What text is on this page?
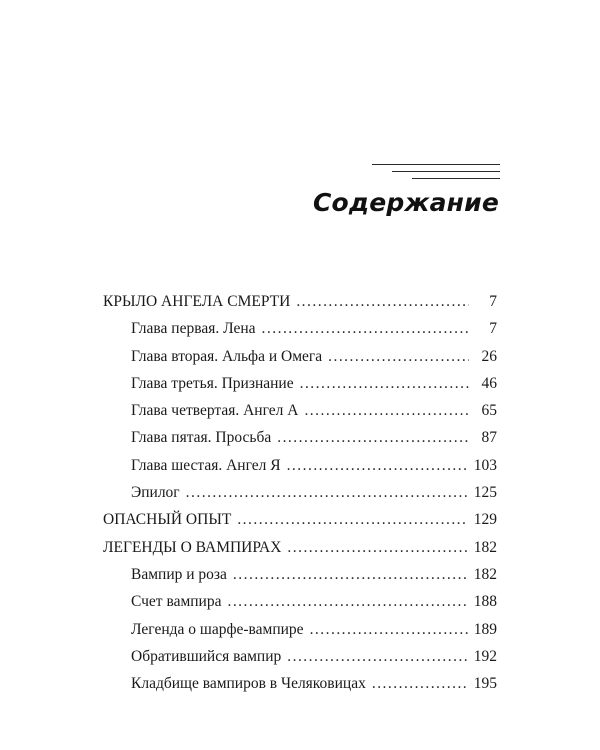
Содержание
КРЫЛО АНГЕЛА СМЕРТИ . . .	7
Глава первая. Лена . . .	7
Глава вторая. Альфа и Омега . . .	26
Глава третья. Признание . . .	46
Глава четвертая. Ангел А . . .	65
Глава пятая. Просьба . . .	87
Глава шестая. Ангел Я . . .	103
Эпилог . . .	125
ОПАСНЫЙ ОПЫТ . . .	129
ЛЕГЕНДЫ О ВАМПИРАХ . . .	182
Вампир и роза . . .	182
Счет вампира . . .	188
Легенда о шарфе-вампире . . .	189
Обратившийся вампир . . .	192
Кладбище вампиров в Челяковицах . . .	195
